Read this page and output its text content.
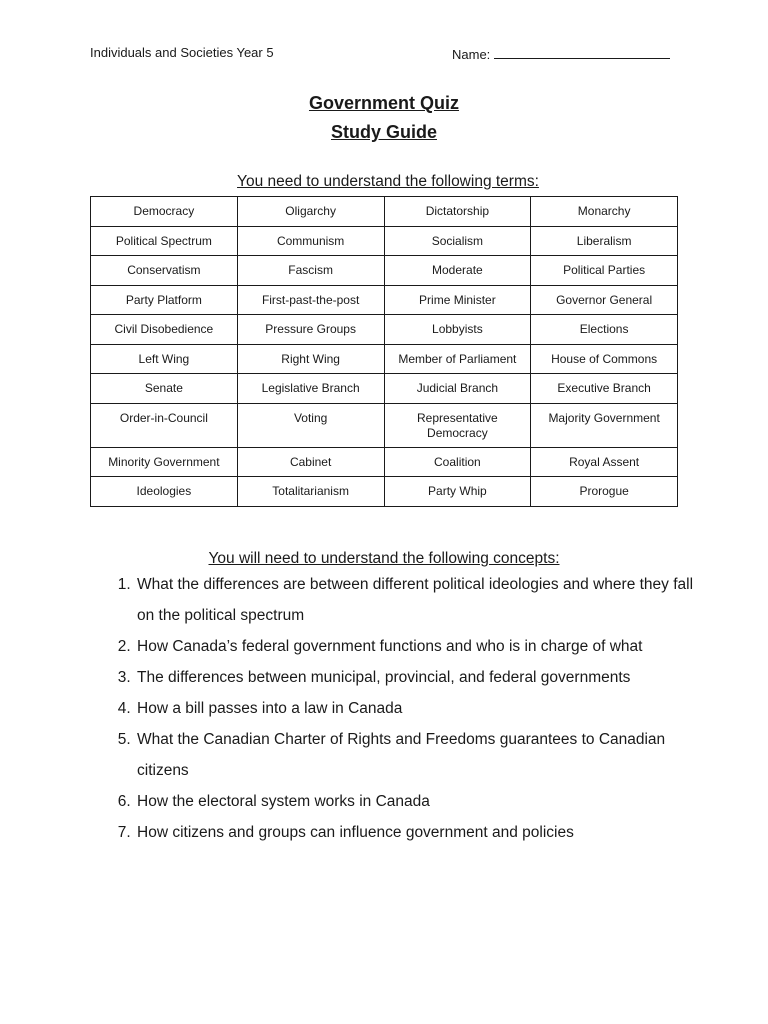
Individuals and Societies Year 5	Name:
Government Quiz
Study Guide
You need to understand the following terms:
Democracy	Oligarchy	Dictatorship	Monarchy
Political Spectrum	Communism	Socialism	Liberalism
Conservatism	Fascism	Moderate	Political Parties
Party Platform	First-past-the-post	Prime Minister	Governor General
Civil Disobedience	Pressure Groups	Lobbyists	Elections
Left Wing	Right Wing	Member of Parliament	House of Commons
Senate	Legislative Branch	Judicial Branch	Executive Branch
Order-in-Council	Voting	Representative Democracy	Majority Government
Minority Government	Cabinet	Coalition	Royal Assent
Ideologies	Totalitarianism	Party Whip	Prorogue
You will need to understand the following concepts:
1. What the differences are between different political ideologies and where they fall on the political spectrum
2. How Canada’s federal government functions and who is in charge of what
3. The differences between municipal, provincial, and federal governments
4. How a bill passes into a law in Canada
5. What the Canadian Charter of Rights and Freedoms guarantees to Canadian citizens
6. How the electoral system works in Canada
7. How citizens and groups can influence government and policies
